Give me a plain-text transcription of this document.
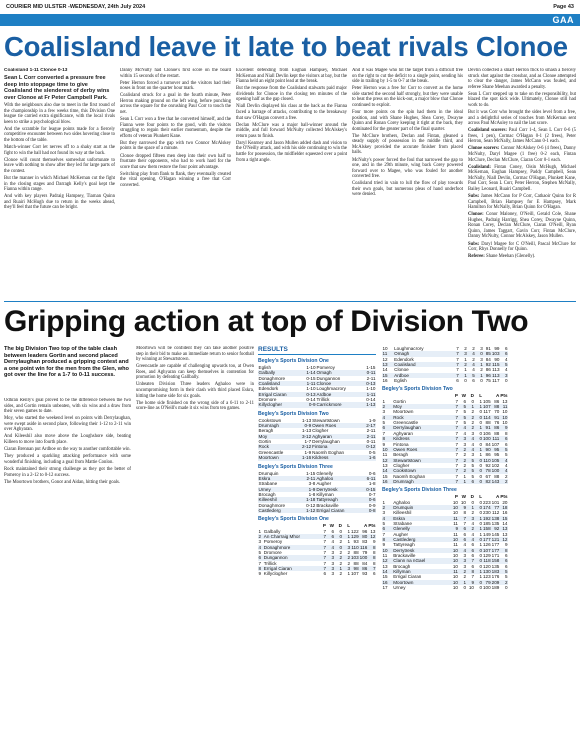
COURIER MID ULSTER -WEDNESDAY, 24th July 2024	Page 43
GAA
Coalisland leave it late to beat rivals Clonoe

Coalisland 1-11 Clonoe 0-13

Sean L Corr converted a pressure free deep into stoppage time to give Coalisland the slenderest of derby wins over Clonoe at Fr Peter Campbell Park.

With the neighbours also due to meet in the first round of the championship in a few weeks time, this Division One league tie carried extra significance, with the local rivals keen to strike a psychological blow.

And the scramble for league points made for a fiercely competitive encounter between two sides hovering close to the bottom of the table.

Match-winner Corr let nerves off to a shaky start as the fight to win the ball had not found its way at the back.

Clonoe will count themselves somewhat unfortunate to leave with nothing to show after they led for large parts of the contest.

But the manner in which Michael McKernan cut the fight in the closing stages and Darragh Kelly's goal kept the Fianna within range.

And with key players Padraig Hampsey, Tiarnan Quinn and Ruairi McHugh due to return in the weeks ahead, they'll feel that the future can be bright.

Danny McNulty had Clonoe's first score on the board within 15 seconds of the restart.

Peter Herron forced a turnover and the visitors had their noses in front on the quarter hour mark.

Coalisland struck for a goal in the fourth minute, Peter Herron making ground on the left wing, before punching across the square for the onrushing Paul Corr to touch the net.

Sean L Corr won a free that he converted himself, and the Fianna were four points to the good, with the visitors struggling to regain their earlier momentum, despite the efforts of veteran Plunkett Kane.

But they narrowed the gap with two Connor McAlskey points in the space of a minute.

Clonoe dropped fifteen men deep into their own half to frustrate their opponents, who had to work hard for the score that saw them restore the four point advantage.

Switching play from flank to flank, they eventually created the vital opening, O'Hagan winning a free that Corr converted.

Excellent defending from Eoghan Hampsey, Michael McKernan and Niall Devlin kept the visitors at bay, but the Fianna held an eight point lead at the break.

But the response from the Coalisland stalwarts paid major dividends for Clonoe in the closing ten minutes of the opening half as the gap closed.

Niall Devlin displayed his class at the back as the Fianna faced a barrage of attacks, contributing to the breakaway that saw O'Hagan convert a free.

Declan McClure was a major ball-winner around the middle, and full forward McNulty collected McAlskey's return pass to finish.

Daryl Kearney and Jason Mullen added dash and vision to the O'Neilly attack, and with his side continuing to win the battle for possession, the midfielder squeezed over a point from a tight angle.

And it was Magee who hit the target from a difficult free on the right to cut the deficit to a single point, sending his side in trailing by 1-5 to 0-7 at the break.

Peter Herron was a free for Corr to convert as the home side started the second half strongly, but they were unable to beat the press on the kick-out, a major blow that Clonoe continued to exploit.

Four more points on the spin had them in the ideal position, and with Shane Hughes, Shea Corey, Dwayne Quinn and Ronan Corey keeping it tight at the back, they dominated for the greater part of the final quarter.

The McClure brothers, Declan and Fintan, gleaned a steady supply of possession in the middle third, and McAlskey provided the accurate finisher from placed balls.

McNulty's power forced the foul that narrowed the gap to one, and in the 29th minute, wing back Corey powered forward over to Magee, who was fouled for another converted free.

Coalisland tried in vain to lull the flow of play towards their own goals, but numerous pleas of hand underfoot were denied.

Devlin collected a smart Herron flick to smash a fiercely struck shot against the crossbar, and as Clonoe attempted to clear the danger, James McCann was fouled, and referee Shane Meehan awarded a penalty.

Sean L Corr stepped up to take on the responsibility, but blazed the spot kick wide. Ultimately, Clonoe still had work to do.

But it was Corr who brought the sides level from a free, and a delightful series of touches from McKernan sent across Paul McAuley to nail the last score.

Coalisland scorers: Paul Corr 1-4, Sean L Corr 0-6 (5 frees, 1 pen), Cormac O'Hagan 0-1 (2 frees), Peter Herron, Sean McNally, James McCann 0-1 each.

Clonoe scorers: Connor McAlskey 0-6 (4 frees), Danny McNulty, Daryl Magee (1 free) 0-2 each, Fintan McClure, Declan McClure, Ciaran Corr 0-1 each.

Coalisland: Fintan Coney, Oisin McHugh, Michael McKernan, Eoghan Hampsey, Paddy Campbell, Sean McNally, Niall Devlin, Cormac O'Hagan, Plunkett Kane, Paul Corr, Sean L Corr, Peter Herron, Stephen McNally, Bailey Leonard, Ruairi Campbell.

Subs: James McCann for P Corr, Cathaoir Quinn for R Campbell, Brian Hampsey for E Hampsey, Mark Hamilton for McNally, Brian Quinn for O'Hagan.

Clonoe: Conor Maloney, O'Neill, Gerald Cole, Shane Hughes, Padraig Harrigg, Shea Corey, Dwayne Quinn, Ronan Corey, Declan McClure, Ciaran O'Neill, Ryan Quinn, James Taggart, Gavin Corr, Fintan McClure, Danny McNulty, Connor McAlskey, Jason Mullen.

Subs: Daryl Magee for C O'Neill, Pascal McClure for Corr, Rhys Donnelly for Quinn.

Referee: Shane Meehan (Glenelly).

Gripping action at top of Division Two
The big Division Two top of the table clash between leaders Gortin and second placed Derrylaughan produced a gripping contest and a one point win for the men from the Glen, who got over the line for a 1-7 to 0-11 success.

Odhran Reilly's goal proved to be the difference between the two sides, and Gortin remain unbeaten, with six wins and a draw from their seven games to date.

Moy, who started the weekend level on points with Derrylaughan, were swept aside in second place, following their 1-12 to 2-11 win over Aghyaran.

And Kileeshil also move above the Loughshore side, beating Killeen to move into fourth place.

Ciaran Brennan put Ardboe on the way to another comfortable win.

They produced a sparkling attacking performance with some wonderful finishing, including a goal from Mattie Conlon.

Rock maintained their strong challenge as they got the better of Pomeroy in a 2-12 to 0-12 success.

The Moortown brothers, Gonor and Aidan, hitting their goals.

Moortown will be confident they can take another positive step in their bid to make an immediate return to senior football by winning at Stewartstown.

Greencastle are capable of challenging upwards too, at Owen Roes, and Aghyaran can keep themselves in contention for promotion by defeating Gallbally.

Unbeaten Division Three leaders Aghaloo were in uncompromising form in their clash with third placed Eskra, hitting the home side for six goals.

The home side finished on the wrong side of a 6-11 to 2-11 score-line as O'Neill's made it six wins from ten games.

RESULTS
Begley's Sports Division One
Eglish	1-10	Pomeroy	1-15
Galbally	1-14	Omagh	0-11
Donaghmore	0-15	Dungannon	2-11
Coalisland	1-11	Clonoe	0-13
Edendork	1-10	Loughmacrory	1-10
Errigal Ciaran	0-13	Ardboe	1-11
Dromore	0-14	Trillick	0-14
Killyclogher	0-9	Carrickmore	1-13
Begley's Sports Division Two
Cookstown	1-13	Stewartstown	1-9
Drumragh	0-9	Owen Roes	2-17
Beragh	1-13	Clogher	2-11
Moy	3-12	Aghyaran	2-11
Gortin	1-7	Derrylaughan	0-11
Rock	2-12	Fintona	0-12
Greencastle	1-9	Naomh Eoghan	0-5
Moortown	1-16	Kildress	1-6
Begley's Sports Division Three
Drumquin	1-15	Glenelly	0-6
Eskra	2-11	Aghaloo	6-11
Strabane	3-8	Augher	1-8
Urney	1-9	Derrytresk	0-15
Brocagh	1-8	Killyman	0-7
Killeeshil	1-18	Tattyreagh	0-6
Donaghmore	0-12	Brackaville	0-9
Castlederg	1-12	Errigal Ciaran	0-8
Begley's Sports Division One
		P	W	D	L		A	Pts
1	Galbally	7	6	0	1	122	96	13
2	An Charraig Mhor	7	6	0	1	129	80	12
3	Pomeroy	7	4	2	1	93	83	9
4	Donaghmore	7	4	0	3	110	116	8
5	Dromore	7	3	2	2	88	79	8
6	Dungannon	7	3	2	2	103	100	8
7	Trillick	7	3	2	2	88	84	8
8	Errigal Ciaran	7	3	1	3	98	86	7
9	Killyclogher	6	3	2	1	107	93	6
10	Loughmacrory	7	2	2	3	91	99	6
11	Omagh	7	3	4	0	85	103	6
12	Edendork	7	1	2	3	84	90	4
13	Coalisland	7	2	4	1	92	115	5
14	Clonoe	7	1	4	2	86	113	4
15	Ardboe	7	1	5	1	96	113	3
16	Eglish	6	0	6	0	75	117	0
Begley's Sports Division Two
		P	W	D	L		A	Pts
1	Gortin	7	6	0	1	105	86	13
2	Moy	7	5	1	1	107	88	11
3	Moortown	7	5	2	0	117	70	10
4	Rock	7	5	2	0	114	91	10
5	Greencastle	7	5	2	0	88	76	10
6	Derrylaughan	7	4	2	1	91	86	9
7	Aghyaran	7	4	3	0	106	88	8
8	Kildress	7	3	4	0	100	111	6
9	Fintona	7	3	4	0	84	107	6
10	Owen Roes	7	2	4	1	90	95	5
11	Beragh	7	2	3	1	86	95	5
12	Stewartstown	7	2	5	0	110	105	4
13	Clogher	7	2	5	0	92	102	4
14	Cookstown	7	2	5	0	78	100	4
15	Naomh Eoghan	7	1	5	0	67	88	2
16	Drumragh	7	1	6	0	82	143	2
Begley's Sports Division Three
		P	W	D	L		A	Pts
1	Aghaloo	10	10	0	0	223	101	20
2	Drumquin	10	9	1	0	174	77	18
3	Killeeshil	10	8	2	0	230	112	16
4	Eskra	11	7	3	1	192	138	15
5	Strabane	11	7	4	0	185	135	14
6	Glenelly	9	6	2	1	158	92	13
7	Augher	11	6	4	1	149	145	13
8	Castlederg	10	6	4	0	177	121	12
9	Tattyreagh	11	4	6	1	126	177	9
10	Derrytresk	10	4	6	0	107	177	8
11	Brackaville	10	3	6	0	129	171	6
12	Clann na nGael	10	3	7	0	118	158	6
13	Brocagh	10	3	6	0	120	135	6
14	Killyman	11	2	8	1	130	183	5
15	Errigal Ciaran	10	2	7	1	123	176	5
16	Moortown	10	1	9	0	79	209	2
17	Urney	10	0	10	0	100	189	0
